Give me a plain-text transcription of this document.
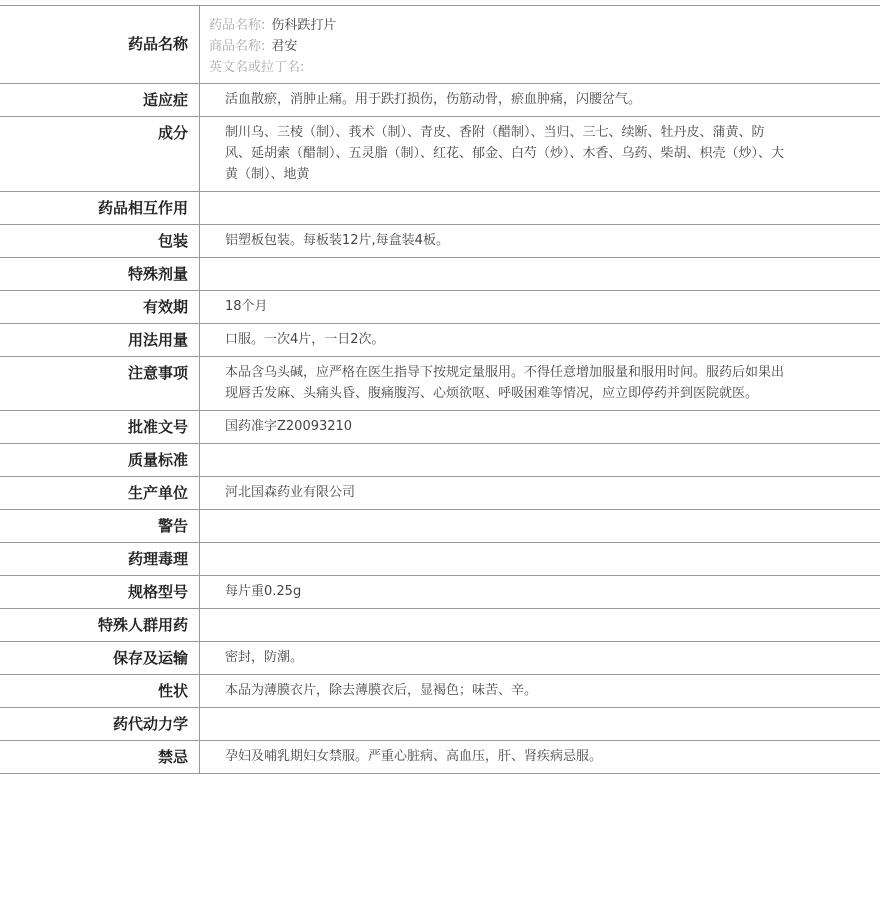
药品名称
药品名称: 伤科跌打片
商品名称: 君安
英文名或拉丁名:
适应症	活血散瘀，消肿止痛。用于跌打损伤，伤筋动骨，瘀血肿痛，闪腰岔气。
成分	制川乌、三棱（制）、莪术（制）、青皮、香附（醋制）、当归、三七、续断、牡丹皮、蒲黄、防风、延胡索（醋制）、五灵脂（制）、红花、郁金、白芍（炒）、木香、乌药、柴胡、枳壳（炒）、大黄（制）、地黄
药品相互作用
包装	铝塑板包装。每板装12片,每盒装4板。
特殊剂量
有效期	18个月
用法用量	口服。一次4片，一日2次。
注意事项	本品含乌头碱，应严格在医生指导下按规定量服用。不得任意增加服量和服用时间。服药后如果出现唇舌发麻、头痛头昏、腹痛腹泻、心烦欲呕、呼吸困难等情况，应立即停药并到医院就医。
批准文号	国药准字Z20093210
质量标准
生产单位	河北国森药业有限公司
警告
药理毒理
规格型号	每片重0.25g
特殊人群用药
保存及运输	密封，防潮。
性状	本品为薄膜衣片，除去薄膜衣后，显褐色；味苦、辛。
药代动力学
禁忌	孕妇及哺乳期妇女禁服。严重心脏病、高血压，肝、肾疾病忌服。
